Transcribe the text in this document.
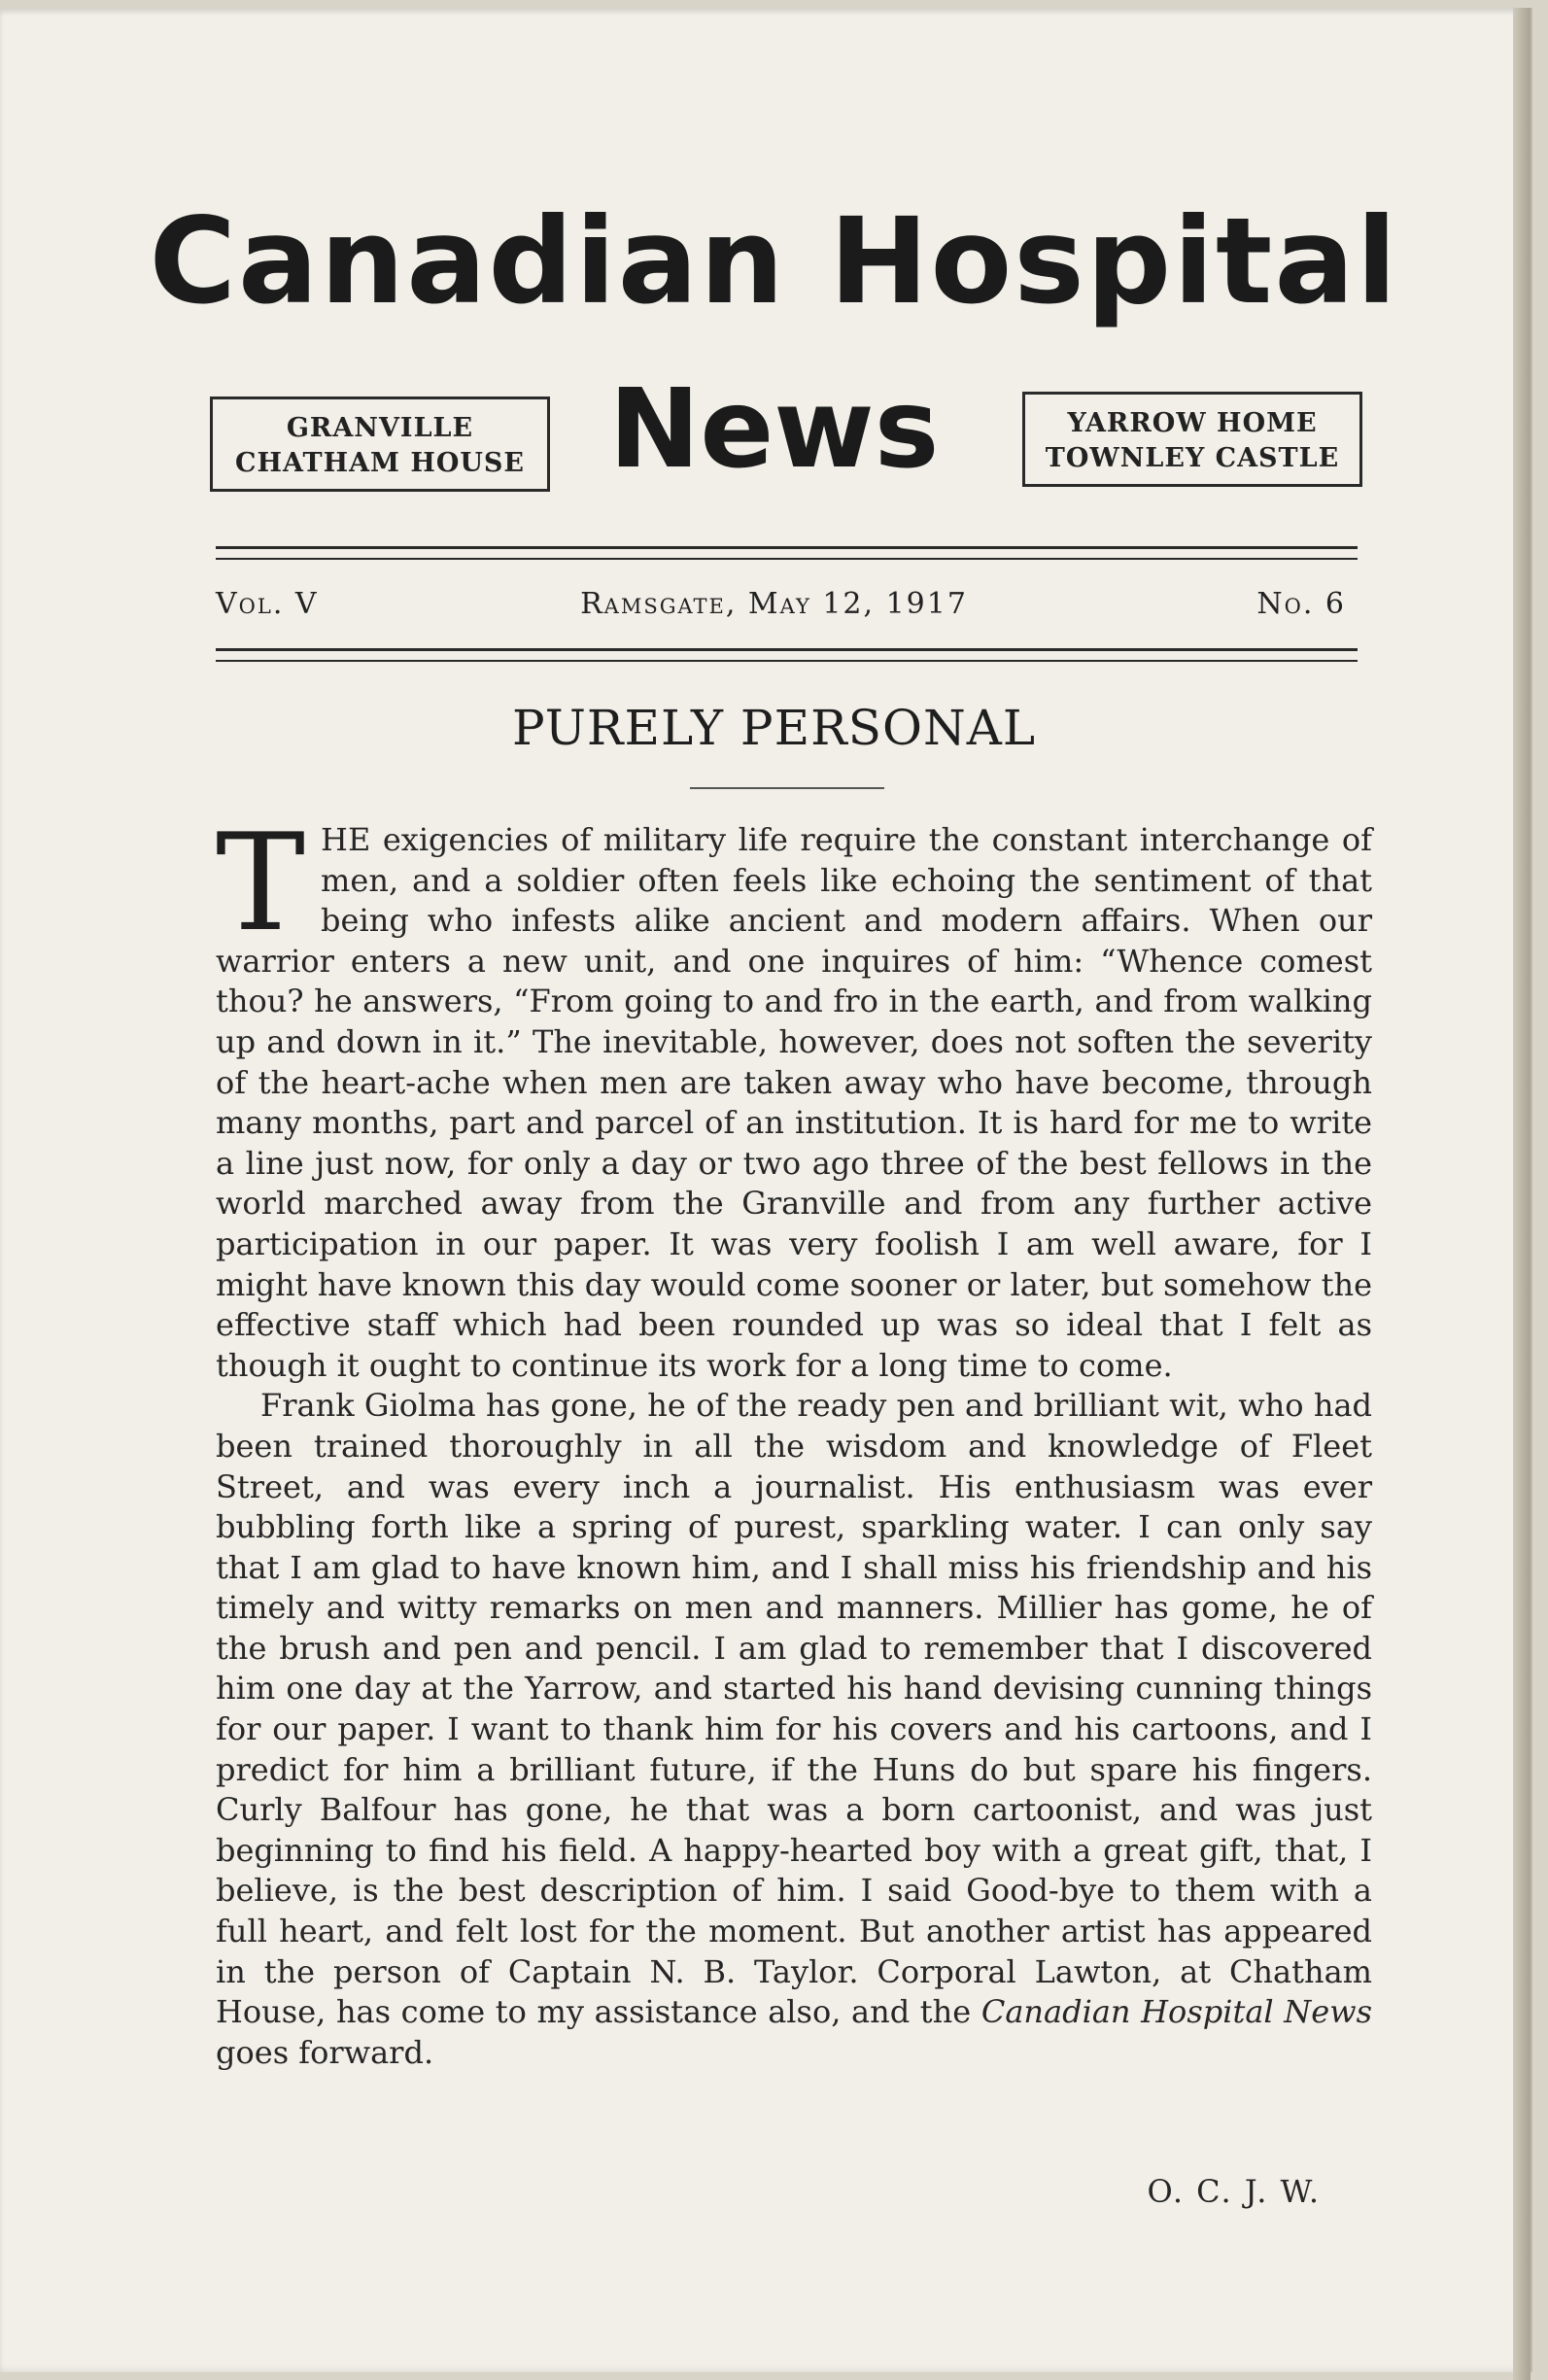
Canadian Hospital
GRANVILLE
CHATHAM HOUSE News	YARROW HOME
TOWNLEY CASTLE
Vol. V	Ramsgate, May 12, 1917	No. 6
PURELY PERSONAL

THE exigencies of military life require the constant interchange of men, and a soldier often feels like echoing the sentiment of that being who infests alike ancient and modern affairs. When our warrior enters a new unit, and one inquires of him: “Whence comest thou? he answers, “From going to and fro in the earth, and from walking up and down in it.” The inevitable, however, does not soften the severity of the heart-ache when men are taken away who have become, through many months, part and parcel of an institution. It is hard for me to write a line just now, for only a day or two ago three of the best fellows in the world marched away from the Granville and from any further active participation in our paper. It was very foolish I am well aware, for I might have known this day would come sooner or later, but somehow the effective staff which had been rounded up was so ideal that I felt as though it ought to continue its work for a long time to come.

Frank Giolma has gone, he of the ready pen and brilliant wit, who had been trained thoroughly in all the wisdom and knowledge of Fleet Street, and was every inch a journalist. His enthusiasm was ever bubbling forth like a spring of purest, sparkling water. I can only say that I am glad to have known him, and I shall miss his friendship and his timely and witty remarks on men and manners. Millier has gome, he of the brush and pen and pencil. I am glad to remember that I discovered him one day at the Yarrow, and started his hand devising cunning things for our paper. I want to thank him for his covers and his cartoons, and I predict for him a brilliant future, if the Huns do but spare his fingers. Curly Balfour has gone, he that was a born cartoonist, and was just beginning to find his field. A happy-hearted boy with a great gift, that, I believe, is the best description of him. I said Good-bye to them with a full heart, and felt lost for the moment. But another artist has appeared in the person of Captain N. B. Taylor. Corporal Lawton, at Chatham House, has come to my assistance also, and the Canadian Hospital News goes forward.

O. C. J. W.
